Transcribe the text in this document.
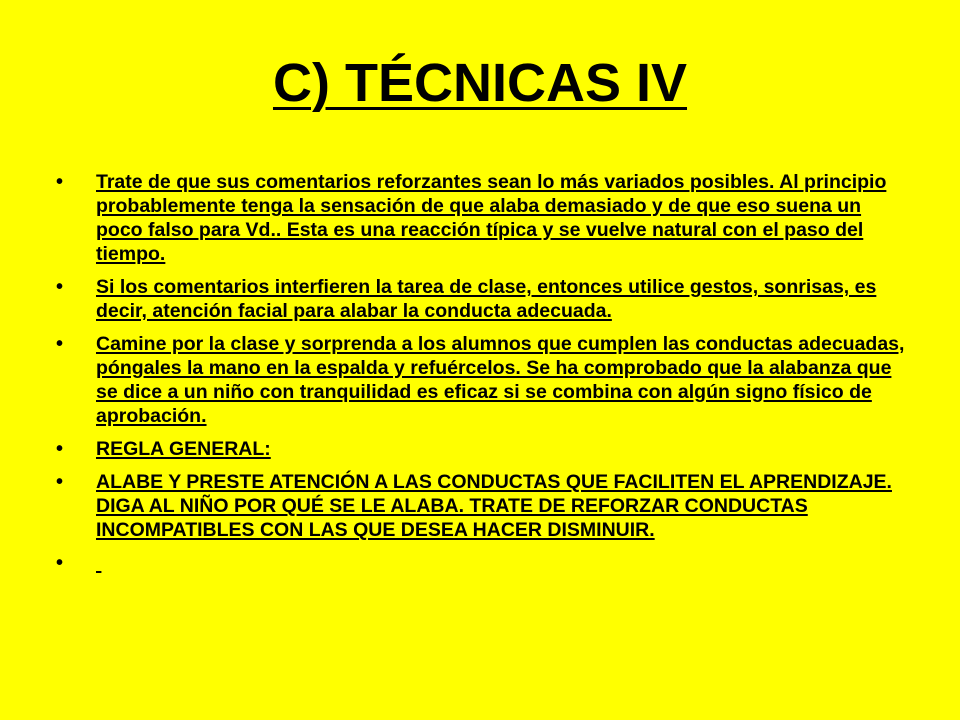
C) TÉCNICAS IV
•	Trate de que sus comentarios reforzantes sean lo más variados posibles. Al principio probablemente tenga la sensación de que alaba demasiado y de que eso suena un poco falso para Vd.. Esta es una reacción típica y se vuelve natural con el paso del tiempo.
•	Si los comentarios interfieren la tarea de clase, entonces utilice gestos, sonrisas, es decir, atención facial para alabar la conducta adecuada.
•	Camine por la clase y sorprenda a los alumnos que cumplen las conductas adecuadas, póngales la mano en la espalda y refuércelos. Se ha comprobado que la alabanza que se dice a un niño con tranquilidad es eficaz si se combina con algún signo físico de aprobación.
•	REGLA GENERAL:
•	ALABE Y PRESTE ATENCIÓN A LAS CONDUCTAS QUE FACILITEN EL APRENDIZAJE. DIGA AL NIÑO POR QUÉ SE LE ALABA. TRATE DE REFORZAR CONDUCTAS INCOMPATIBLES CON LAS QUE DESEA HACER DISMINUIR.
•
